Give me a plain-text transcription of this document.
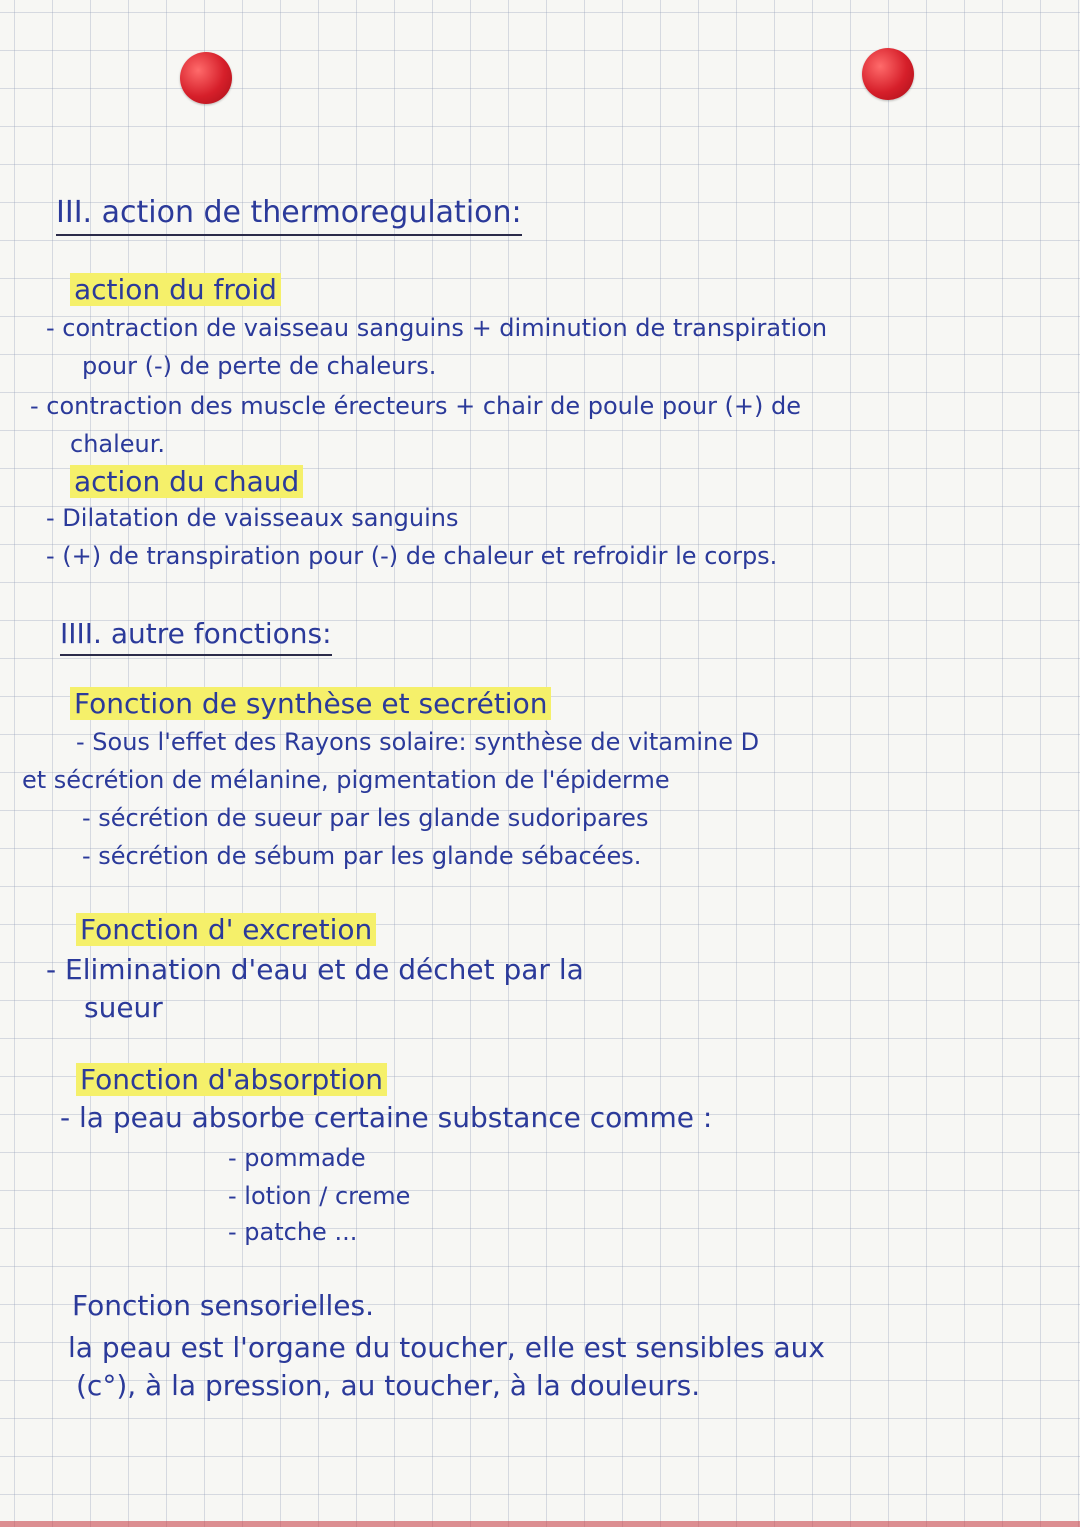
III. action de thermoregulation:
action du froid
- contraction de vaisseau sanguins + diminution de transpiration
pour (-) de perte de chaleurs.
- contraction des muscle érecteurs + chair de poule pour (+) de
chaleur.
action du chaud
- Dilatation de vaisseaux sanguins
- (+) de transpiration pour (-) de chaleur et refroidir le corps.
IIII. autre fonctions:
Fonction de synthèse et secrétion
- Sous l'effet des Rayons solaire: synthèse de vitamine D
et sécrétion de mélanine, pigmentation de l'épiderme
- sécrétion de sueur par les glande sudoripares
- sécrétion de sébum par les glande sébacées.
Fonction d' excretion
- Elimination d'eau et de déchet par la
sueur
Fonction d'absorption
- la peau absorbe certaine substance comme :
- pommade
- lotion / creme
- patche ...
Fonction sensorielles.
la peau est l'organe du toucher, elle est sensibles aux
(c°), à la pression, au toucher, à la douleurs.
